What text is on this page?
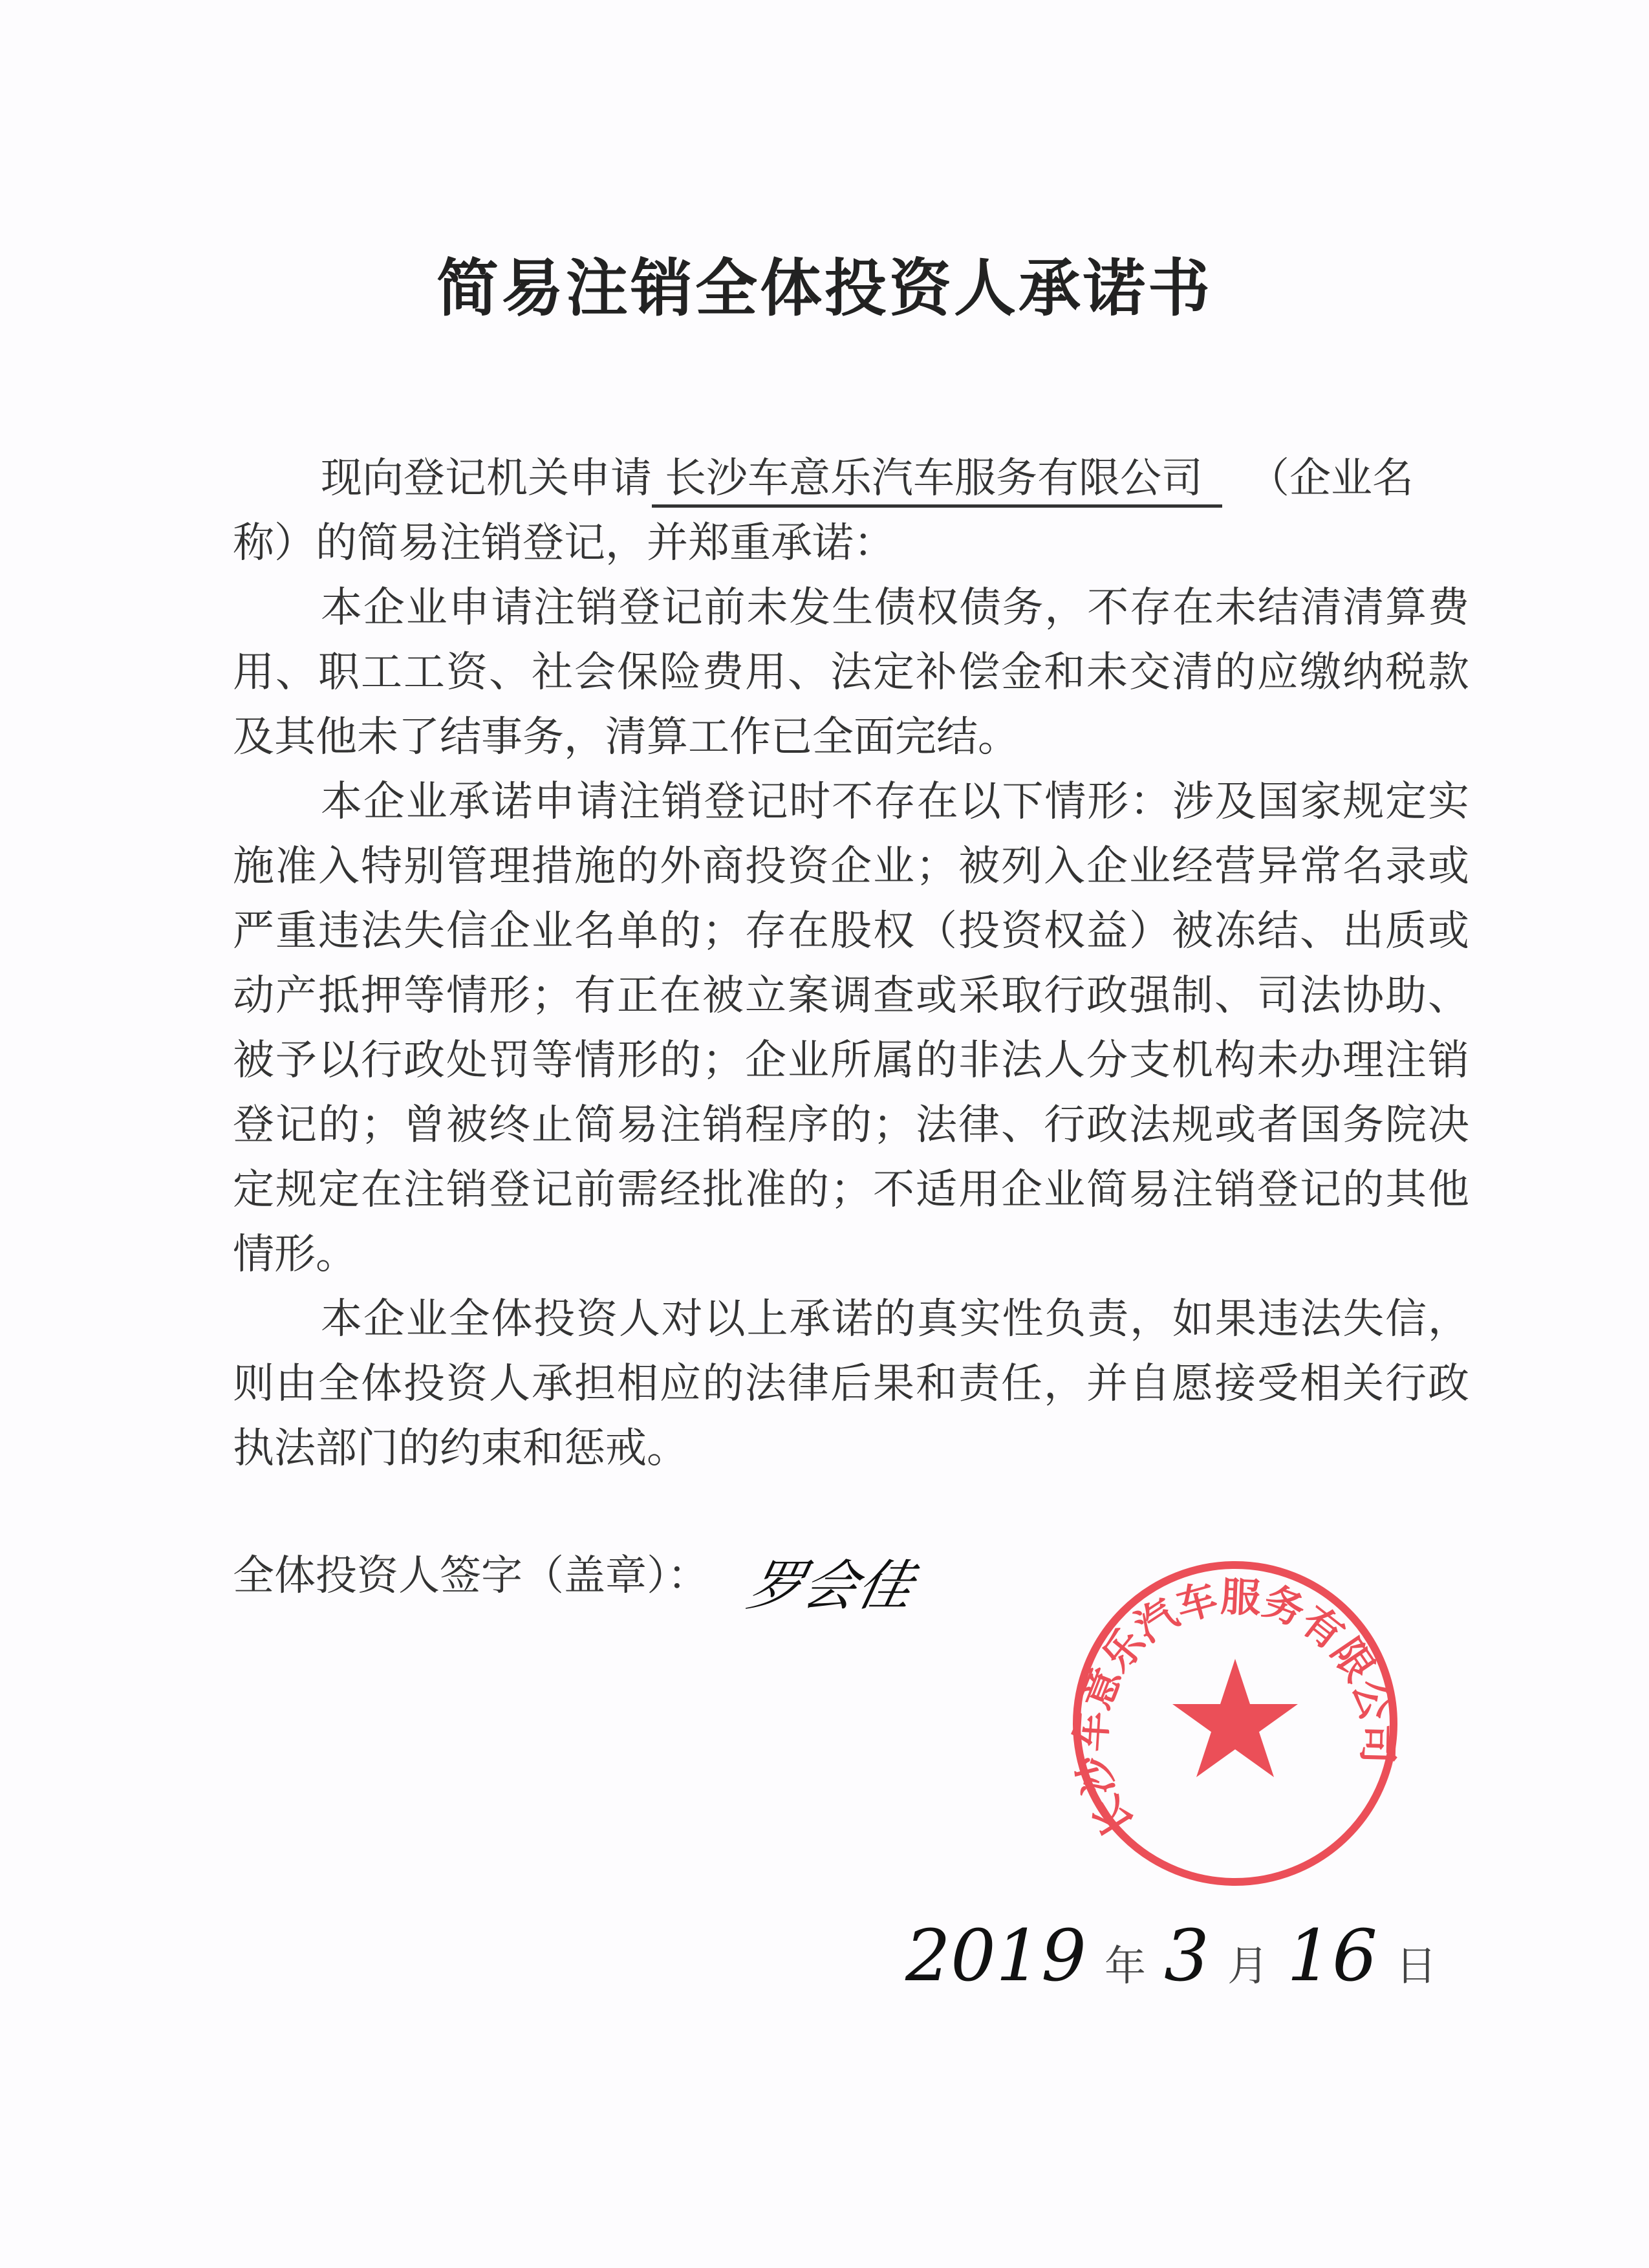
简易注销全体投资人承诺书
现向登记机关申请 长沙车意乐汽车服务有限公司 （企业名
称）的简易注销登记，并郑重承诺：
本企业申请注销登记前未发生债权债务，不存在未结清清算费
用、职工工资、社会保险费用、法定补偿金和未交清的应缴纳税款
及其他未了结事务，清算工作已全面完结。
本企业承诺申请注销登记时不存在以下情形：涉及国家规定实
施准入特别管理措施的外商投资企业；被列入企业经营异常名录或
严重违法失信企业名单的；存在股权（投资权益）被冻结、出质或
动产抵押等情形；有正在被立案调查或采取行政强制、司法协助、
被予以行政处罚等情形的；企业所属的非法人分支机构未办理注销
登记的；曾被终止简易注销程序的；法律、行政法规或者国务院决
定规定在注销登记前需经批准的；不适用企业简易注销登记的其他
情形。
本企业全体投资人对以上承诺的真实性负责，如果违法失信，
则由全体投资人承担相应的法律后果和责任，并自愿接受相关行政
执法部门的约束和惩戒。
全体投资人签字（盖章）： 罗会佳
长沙车意乐汽车服务有限公司
2019 年 3 月 16 日
